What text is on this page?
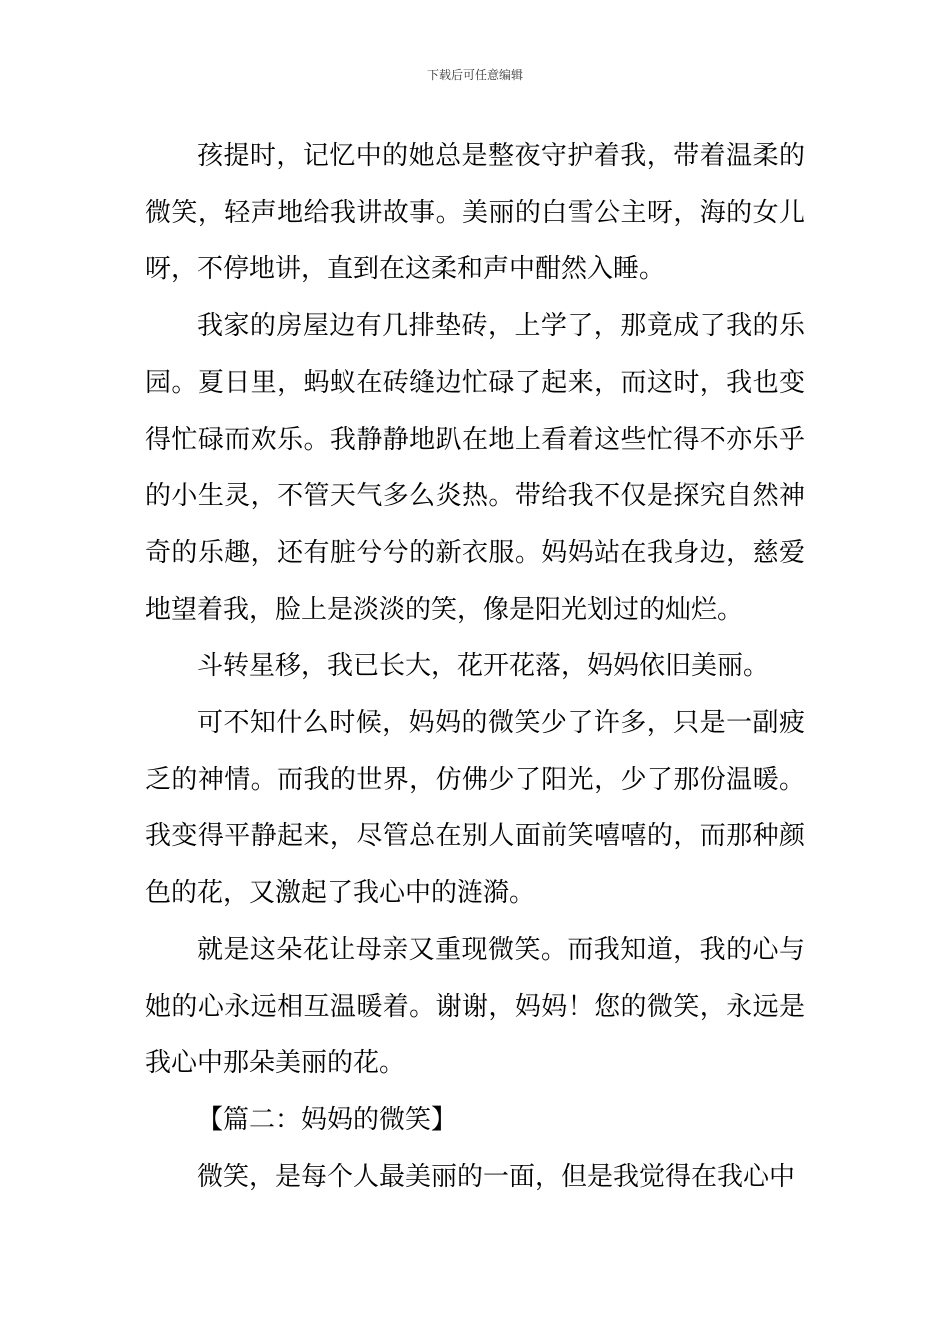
下载后可任意编辑

孩提时，记忆中的她总是整夜守护着我，带着温柔的微笑，轻声地给我讲故事。美丽的白雪公主呀，海的女儿呀，不停地讲，直到在这柔和声中酣然入睡。

我家的房屋边有几排垫砖，上学了，那竟成了我的乐园。夏日里，蚂蚁在砖缝边忙碌了起来，而这时，我也变得忙碌而欢乐。我静静地趴在地上看着这些忙得不亦乐乎的小生灵，不管天气多么炎热。带给我不仅是探究自然神奇的乐趣，还有脏兮兮的新衣服。妈妈站在我身边，慈爱地望着我，脸上是淡淡的笑，像是阳光划过的灿烂。

斗转星移，我已长大，花开花落，妈妈依旧美丽。

可不知什么时候，妈妈的微笑少了许多，只是一副疲乏的神情。而我的世界，仿佛少了阳光，少了那份温暖。我变得平静起来，尽管总在别人面前笑嘻嘻的，而那种颜色的花，又激起了我心中的涟漪。

就是这朵花让母亲又重现微笑。而我知道，我的心与她的心永远相互温暖着。谢谢，妈妈！您的微笑，永远是我心中那朵美丽的花。

【篇二：妈妈的微笑】

微笑，是每个人最美丽的一面，但是我觉得在我心中
